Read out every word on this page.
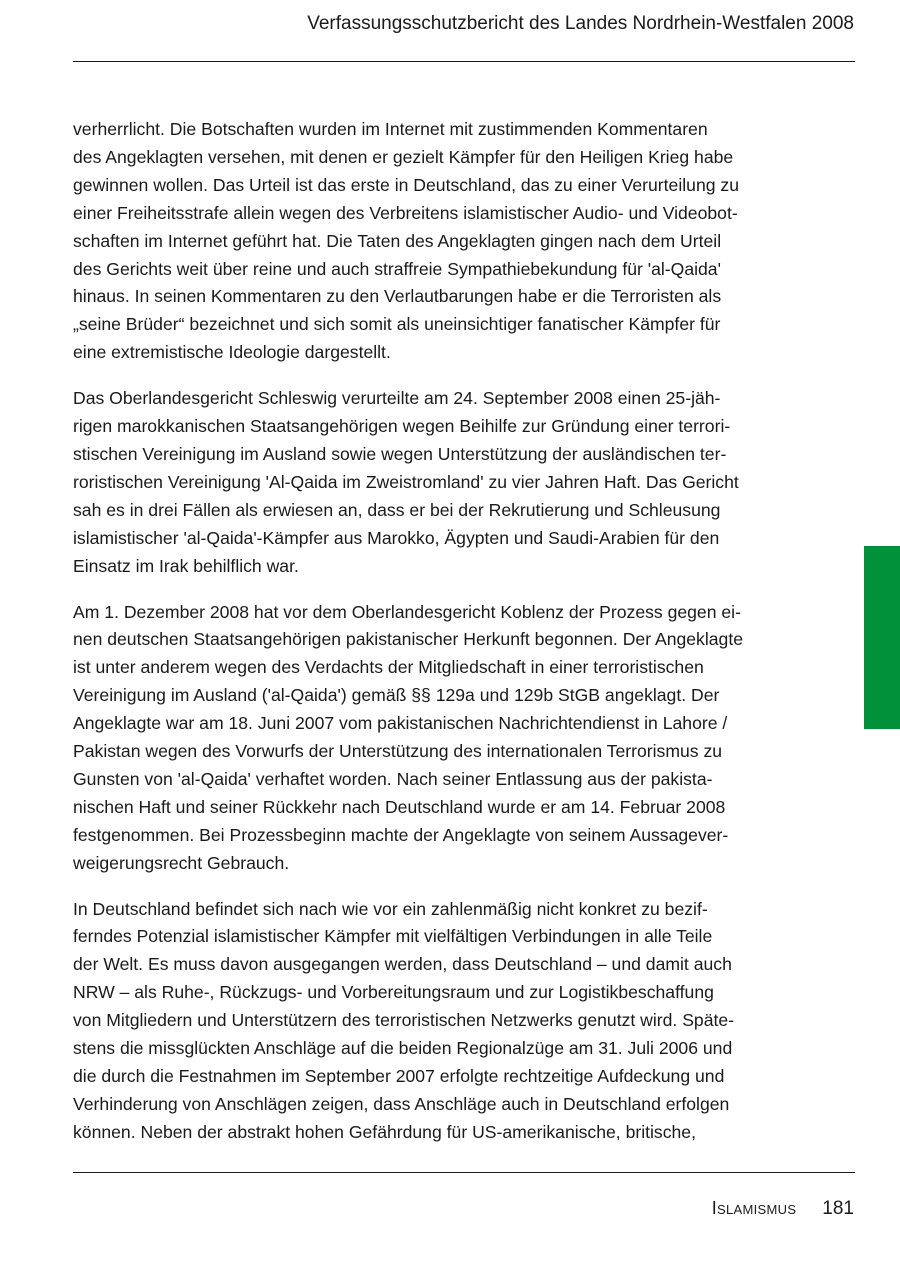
Verfassungsschutzbericht des Landes Nordrhein-Westfalen 2008

verherrlicht. Die Botschaften wurden im Internet mit zustimmenden Kommentaren
des Angeklagten versehen, mit denen er gezielt Kämpfer für den Heiligen Krieg habe
gewinnen wollen. Das Urteil ist das erste in Deutschland, das zu einer Verurteilung zu
einer Freiheitsstrafe allein wegen des Verbreitens islamistischer Audio- und Videobot-
schaften im Internet geführt hat. Die Taten des Angeklagten gingen nach dem Urteil
des Gerichts weit über reine und auch straffreie Sympathiebekundung für 'al-Qaida'
hinaus. In seinen Kommentaren zu den Verlautbarungen habe er die Terroristen als
„seine Brüder“ bezeichnet und sich somit als uneinsichtiger fanatischer Kämpfer für
eine extremistische Ideologie dargestellt.

Das Oberlandesgericht Schleswig verurteilte am 24. September 2008 einen 25-jäh-
rigen marokkanischen Staatsangehörigen wegen Beihilfe zur Gründung einer terrori-
stischen Vereinigung im Ausland sowie wegen Unterstützung der ausländischen ter-
roristischen Vereinigung 'Al-Qaida im Zweistromland' zu vier Jahren Haft. Das Gericht
sah es in drei Fällen als erwiesen an, dass er bei der Rekrutierung und Schleusung
islamistischer 'al-Qaida'-Kämpfer aus Marokko, Ägypten und Saudi-Arabien für den
Einsatz im Irak behilflich war.

Am 1. Dezember 2008 hat vor dem Oberlandesgericht Koblenz der Prozess gegen ei-
nen deutschen Staatsangehörigen pakistanischer Herkunft begonnen. Der Angeklagte
ist unter anderem wegen des Verdachts der Mitgliedschaft in einer terroristischen
Vereinigung im Ausland ('al-Qaida') gemäß §§ 129a und 129b StGB angeklagt. Der
Angeklagte war am 18. Juni 2007 vom pakistanischen Nachrichtendienst in Lahore /
Pakistan wegen des Vorwurfs der Unterstützung des internationalen Terrorismus zu
Gunsten von 'al-Qaida' verhaftet worden. Nach seiner Entlassung aus der pakista-
nischen Haft und seiner Rückkehr nach Deutschland wurde er am 14. Februar 2008
festgenommen. Bei Prozessbeginn machte der Angeklagte von seinem Aussagever-
weigerungsrecht Gebrauch.

In Deutschland befindet sich nach wie vor ein zahlenmäßig nicht konkret zu bezif-
ferndes Potenzial islamistischer Kämpfer mit vielfältigen Verbindungen in alle Teile
der Welt. Es muss davon ausgegangen werden, dass Deutschland – und damit auch
NRW – als Ruhe-, Rückzugs- und Vorbereitungsraum und zur Logistikbeschaffung
von Mitgliedern und Unterstützern des terroristischen Netzwerks genutzt wird. Späte-
stens die missglückten Anschläge auf die beiden Regionalzüge am 31. Juli 2006 und
die durch die Festnahmen im September 2007 erfolgte rechtzeitige Aufdeckung und
Verhinderung von Anschlägen zeigen, dass Anschläge auch in Deutschland erfolgen
können. Neben der abstrakt hohen Gefährdung für US-amerikanische, britische,

Islamismus 181
